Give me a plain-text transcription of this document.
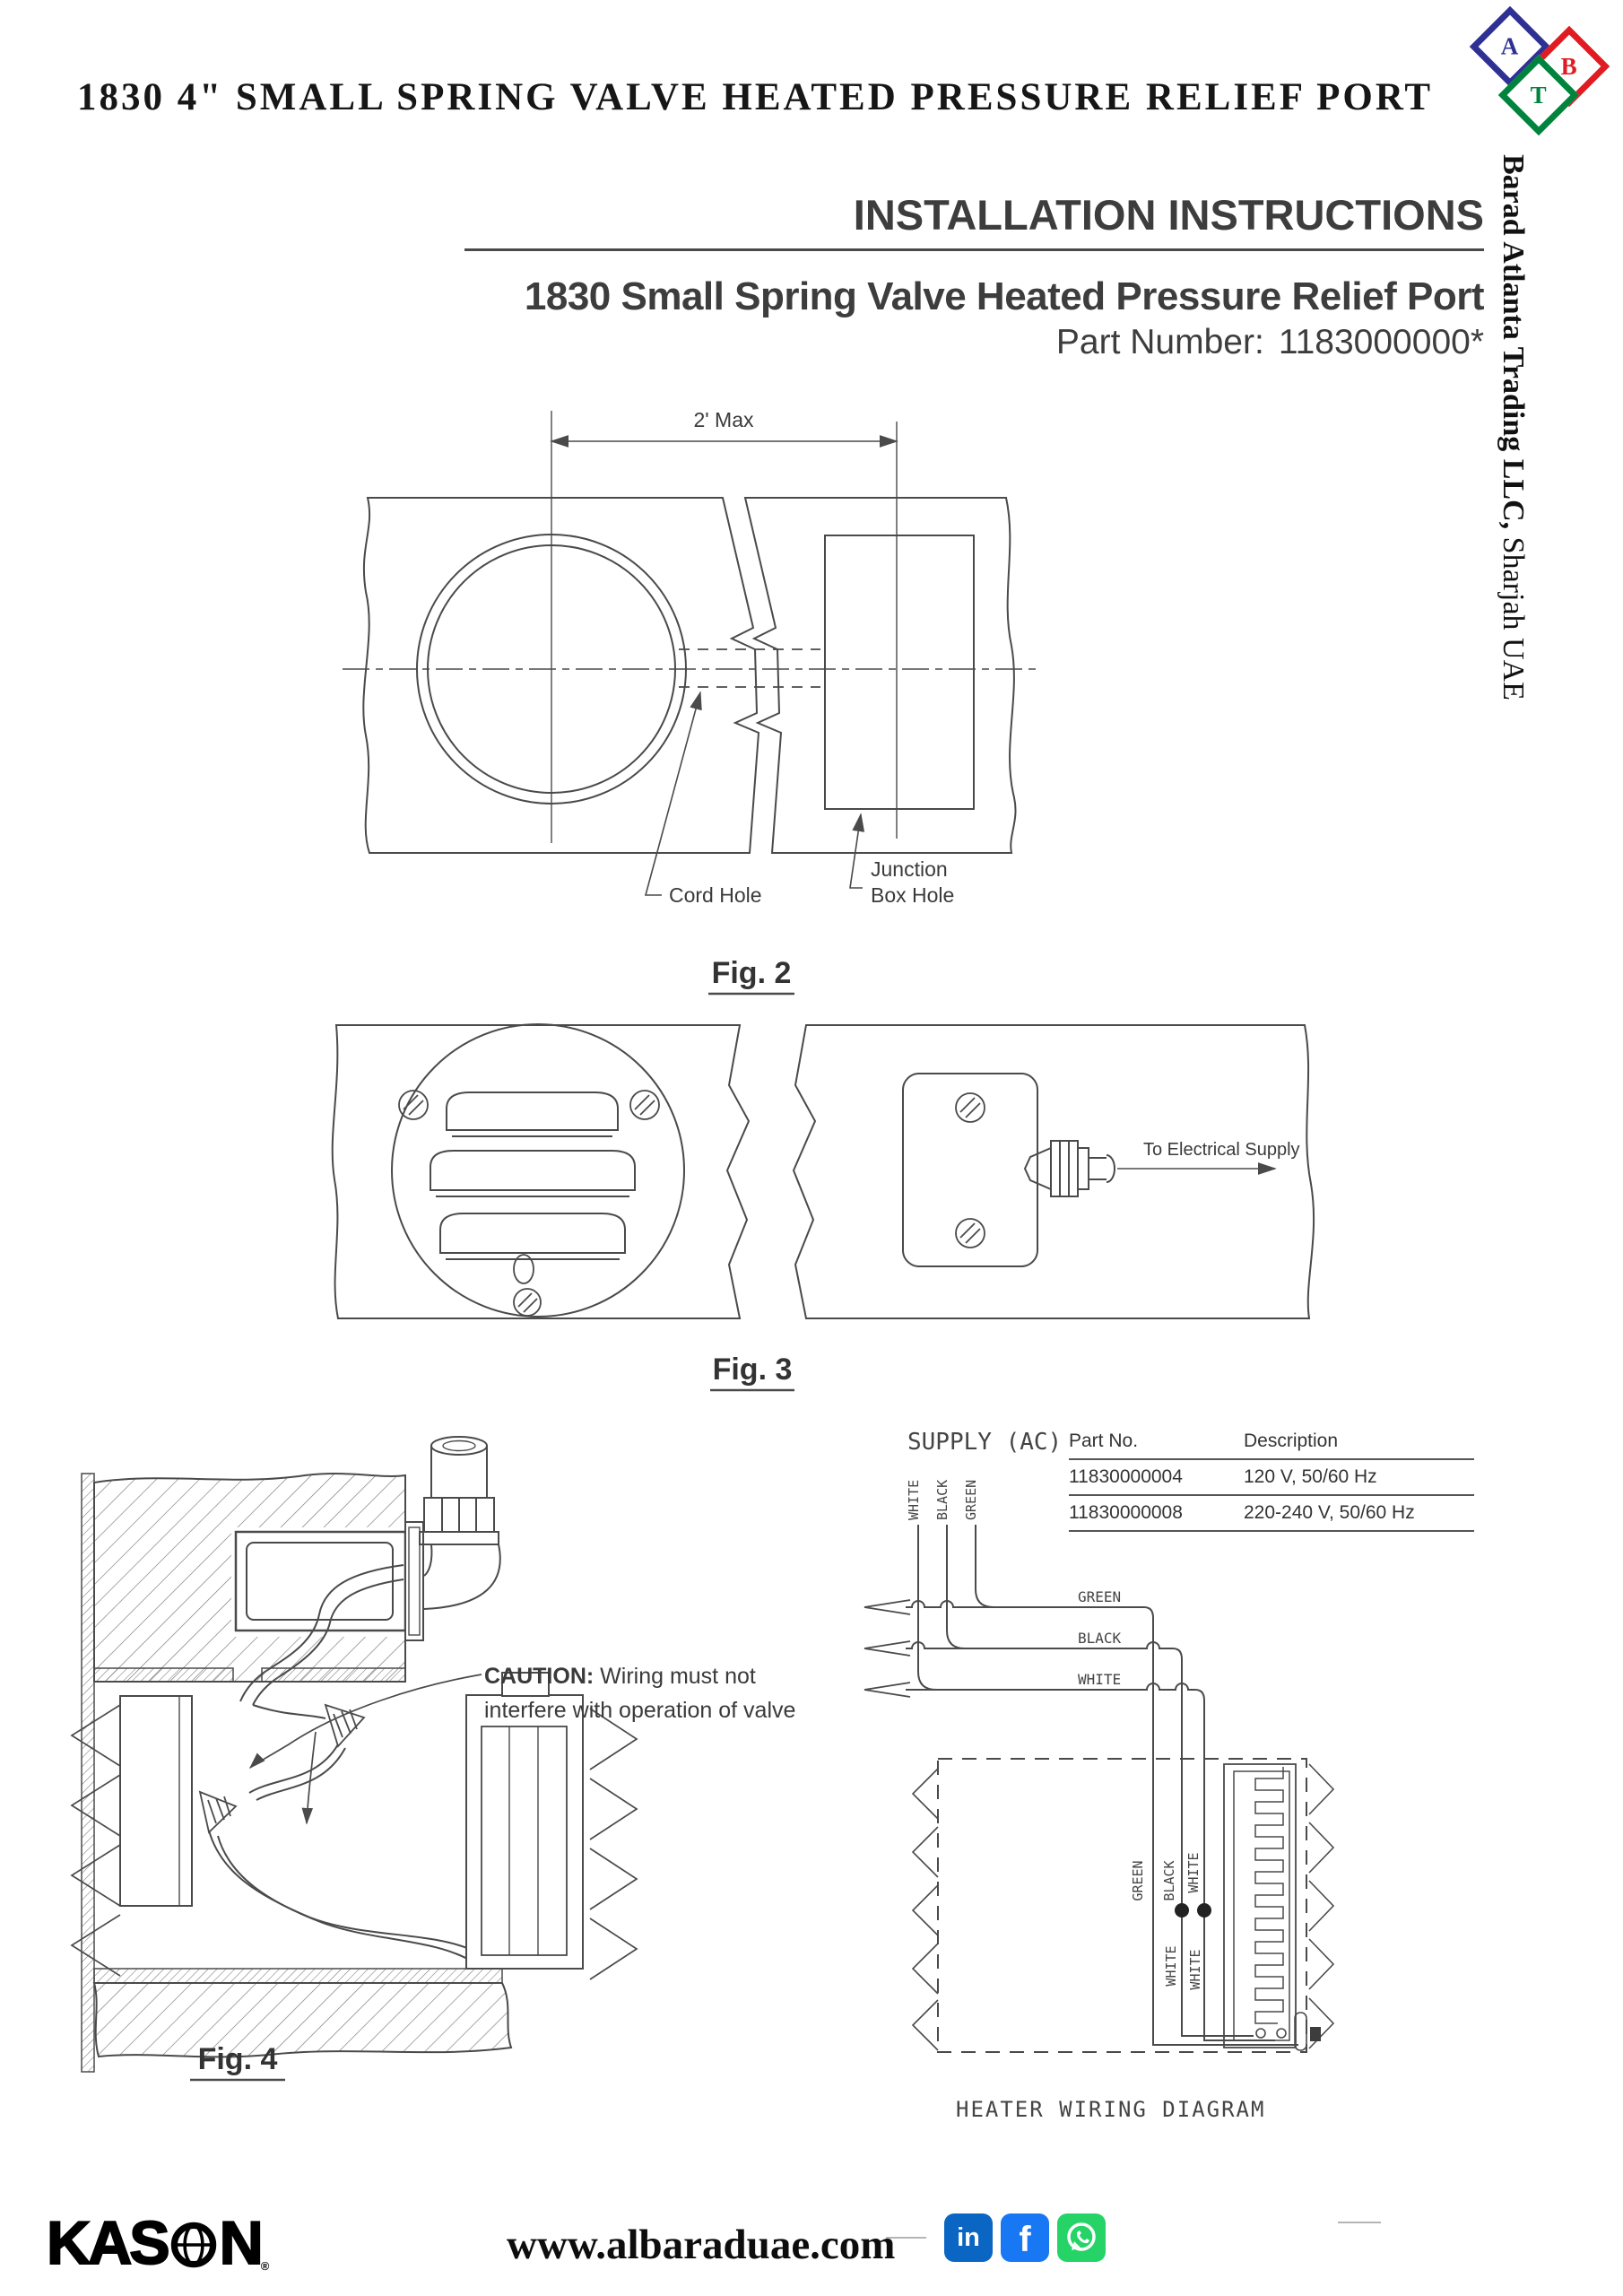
1830 4" SMALL SPRING VALVE HEATED PRESSURE RELIEF PORT
A
B
T
Barad Atlanta Trading LLC, Sharjah UAE
INSTALLATION INSTRUCTIONS
1830 Small Spring Valve Heated Pressure Relief Port
Part Number: 1183000000*
2' Max
Cord Hole
Junction
Box Hole
Fig. 2
To Electrical Supply
Fig. 3
Fig. 4
CAUTION: Wiring must not
interfere with operation of valve
Part No.	Description
11830000004	120 V, 50/60 Hz
11830000008	220-240 V, 50/60 Hz
SUPPLY (AC)
WHITE BLACK GREEN
GREEN
BLACK
WHITE
GREEN BLACK WHITE
WHITE WHITE
HEATER WIRING DIAGRAM
KAS $N_®$	www.albaraduae.com in f
